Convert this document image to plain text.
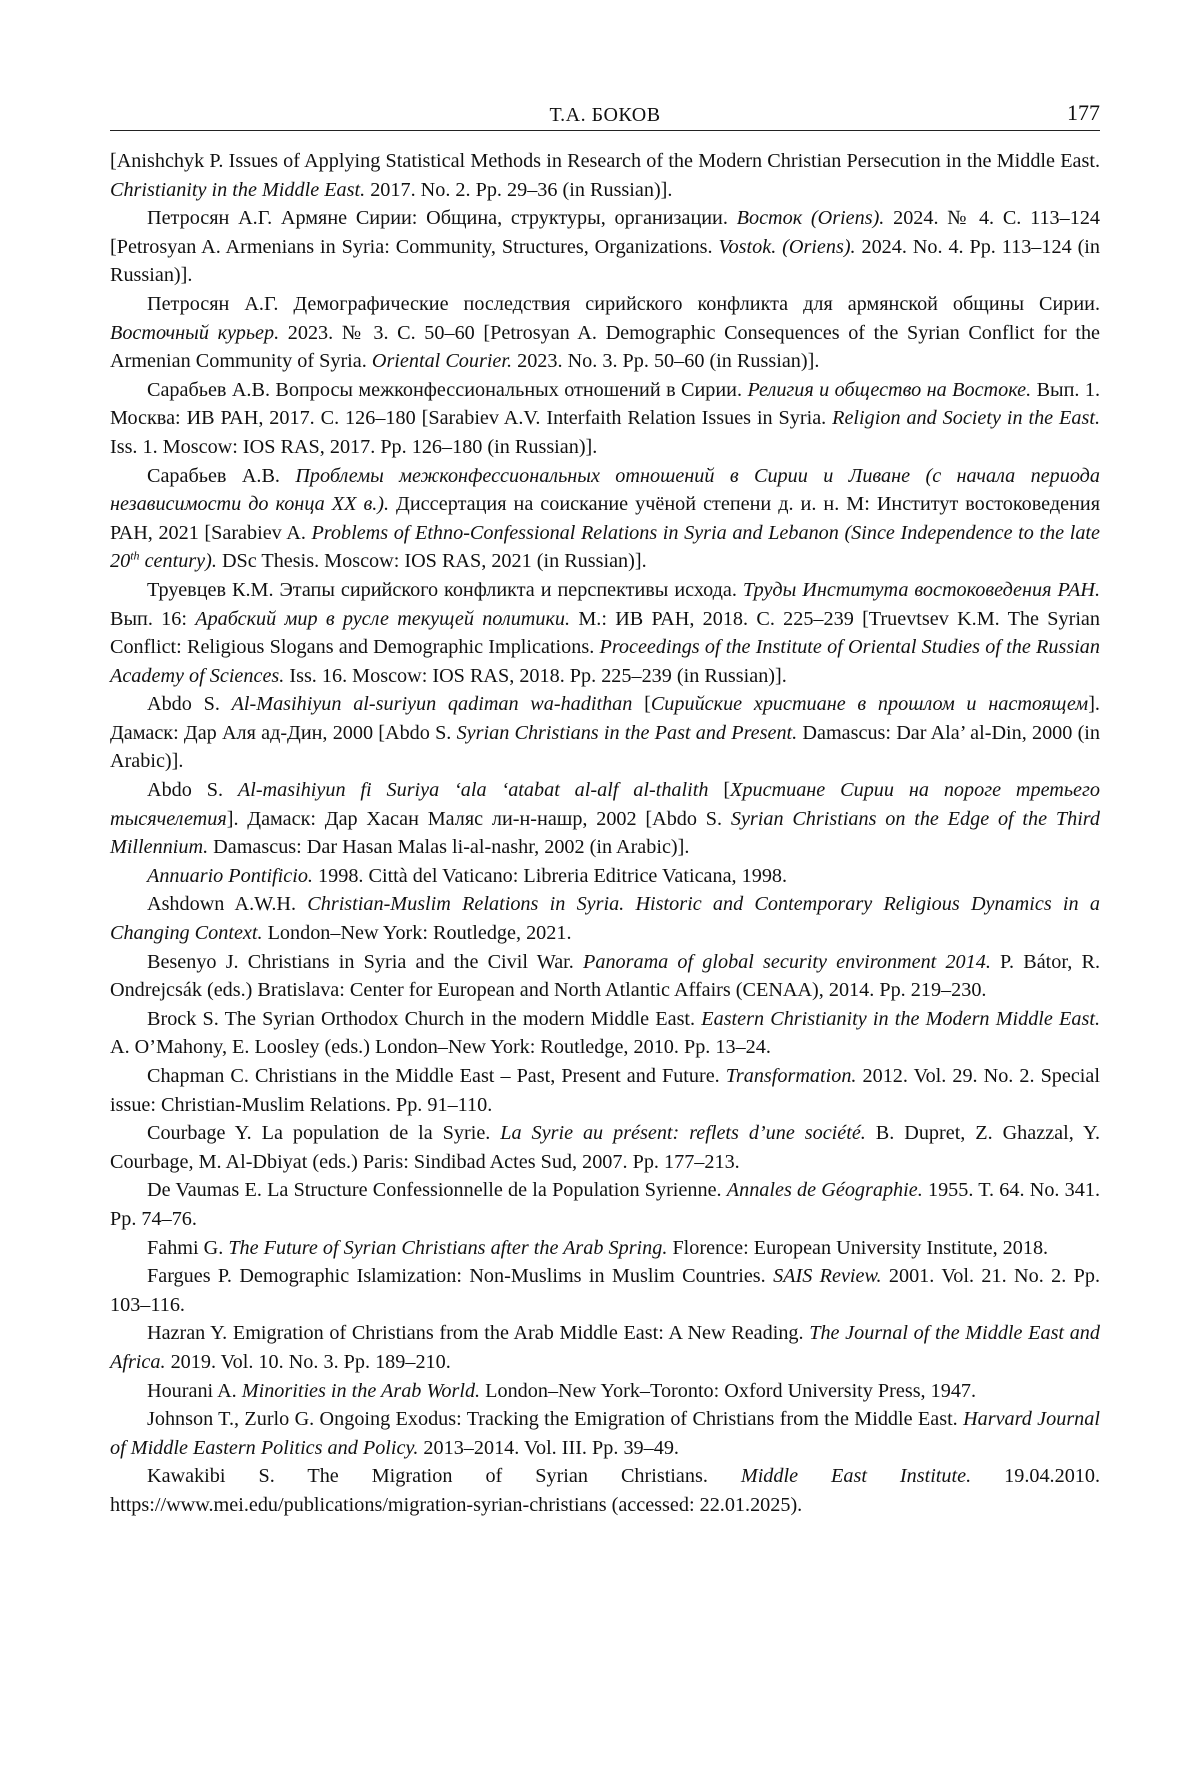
Т.А. БОКОВ	177

[Anishchyk P. Issues of Applying Statistical Methods in Research of the Modern Christian Persecution in the Middle East. Christianity in the Middle East. 2017. No. 2. Pp. 29–36 (in Russian)].

Петросян А.Г. Армяне Сирии: Община, структуры, организации. Восток (Oriens). 2024. № 4. С. 113–124 [Petrosyan A. Armenians in Syria: Community, Structures, Organizations. Vostok. (Oriens). 2024. No. 4. Pp. 113–124 (in Russian)].

Петросян А.Г. Демографические последствия сирийского конфликта для армянской общины Сирии. Восточный курьер. 2023. № 3. С. 50–60 [Petrosyan A. Demographic Consequences of the Syrian Conflict for the Armenian Community of Syria. Oriental Courier. 2023. No. 3. Pp. 50–60 (in Russian)].

Сарабьев А.В. Вопросы межконфессиональных отношений в Сирии. Религия и общество на Востоке. Вып. 1. Москва: ИВ РАН, 2017. С. 126–180 [Sarabiev A.V. Interfaith Relation Issues in Syria. Religion and Society in the East. Iss. 1. Moscow: IOS RAS, 2017. Pp. 126–180 (in Russian)].

Сарабьев А.В. Проблемы межконфессиональных отношений в Сирии и Ливане (с начала периода независимости до конца XX в.). Диссертация на соискание учёной степени д. и. н. М: Институт востоковедения РАН, 2021 [Sarabiev A. Problems of Ethno-Confessional Relations in Syria and Lebanon (Since Independence to the late 20th century). DSc Thesis. Moscow: IOS RAS, 2021 (in Russian)].

Труевцев К.М. Этапы сирийского конфликта и перспективы исхода. Труды Института востоковедения РАН. Вып. 16: Арабский мир в русле текущей политики. М.: ИВ РАН, 2018. С. 225–239 [Truevtsev K.M. The Syrian Conflict: Religious Slogans and Demographic Implications. Proceedings of the Institute of Oriental Studies of the Russian Academy of Sciences. Iss. 16. Moscow: IOS RAS, 2018. Pp. 225–239 (in Russian)].

Abdo S. Al-Masihiyun al-suriyun qadiman wa-hadithan [Сирийские христиане в прошлом и настоящем]. Дамаск: Дар Аля ад-Дин, 2000 [Abdo S. Syrian Christians in the Past and Present. Damascus: Dar Ala’ al-Din, 2000 (in Arabic)].

Abdo S. Al-masihiyun fi Suriya ‘ala ‘atabat al-alf al-thalith [Христиане Сирии на пороге третьего тысячелетия]. Дамаск: Дар Хасан Маляс ли-н-нашр, 2002 [Abdo S. Syrian Christians on the Edge of the Third Millennium. Damascus: Dar Hasan Malas li-al-nashr, 2002 (in Arabic)].

Annuario Pontificio. 1998. Città del Vaticano: Libreria Editrice Vaticana, 1998.

Ashdown A.W.H. Christian-Muslim Relations in Syria. Historic and Contemporary Religious Dynamics in a Changing Context. London–New York: Routledge, 2021.

Besenyo J. Christians in Syria and the Civil War. Panorama of global security environment 2014. P. Bátor, R. Ondrejcsák (eds.) Bratislava: Center for European and North Atlantic Affairs (CENAA), 2014. Pp. 219–230.

Brock S. The Syrian Orthodox Church in the modern Middle East. Eastern Christianity in the Modern Middle East. A. O’Mahony, E. Loosley (eds.) London–New York: Routledge, 2010. Pp. 13–24.

Chapman C. Christians in the Middle East – Past, Present and Future. Transformation. 2012. Vol. 29. No. 2. Special issue: Christian-Muslim Relations. Pp. 91–110.

Courbage Y. La population de la Syrie. La Syrie au présent: reflets d’une société. B. Dupret, Z. Ghazzal, Y. Courbage, M. Al-Dbiyat (eds.) Paris: Sindibad Actes Sud, 2007. Pp. 177–213.

De Vaumas E. La Structure Confessionnelle de la Population Syrienne. Annales de Géographie. 1955. T. 64. No. 341. Pp. 74–76.

Fahmi G. The Future of Syrian Christians after the Arab Spring. Florence: European University Institute, 2018.

Fargues P. Demographic Islamization: Non-Muslims in Muslim Countries. SAIS Review. 2001. Vol. 21. No. 2. Pp. 103–116.

Hazran Y. Emigration of Christians from the Arab Middle East: A New Reading. The Journal of the Middle East and Africa. 2019. Vol. 10. No. 3. Pp. 189–210.

Hourani A. Minorities in the Arab World. London–New York–Toronto: Oxford University Press, 1947.

Johnson T., Zurlo G. Ongoing Exodus: Tracking the Emigration of Christians from the Middle East. Harvard Journal of Middle Eastern Politics and Policy. 2013–2014. Vol. III. Pp. 39–49.

Kawakibi S. The Migration of Syrian Christians. Middle East Institute. 19.04.2010. https://www.mei.edu/publications/migration-syrian-christians (accessed: 22.01.2025).
